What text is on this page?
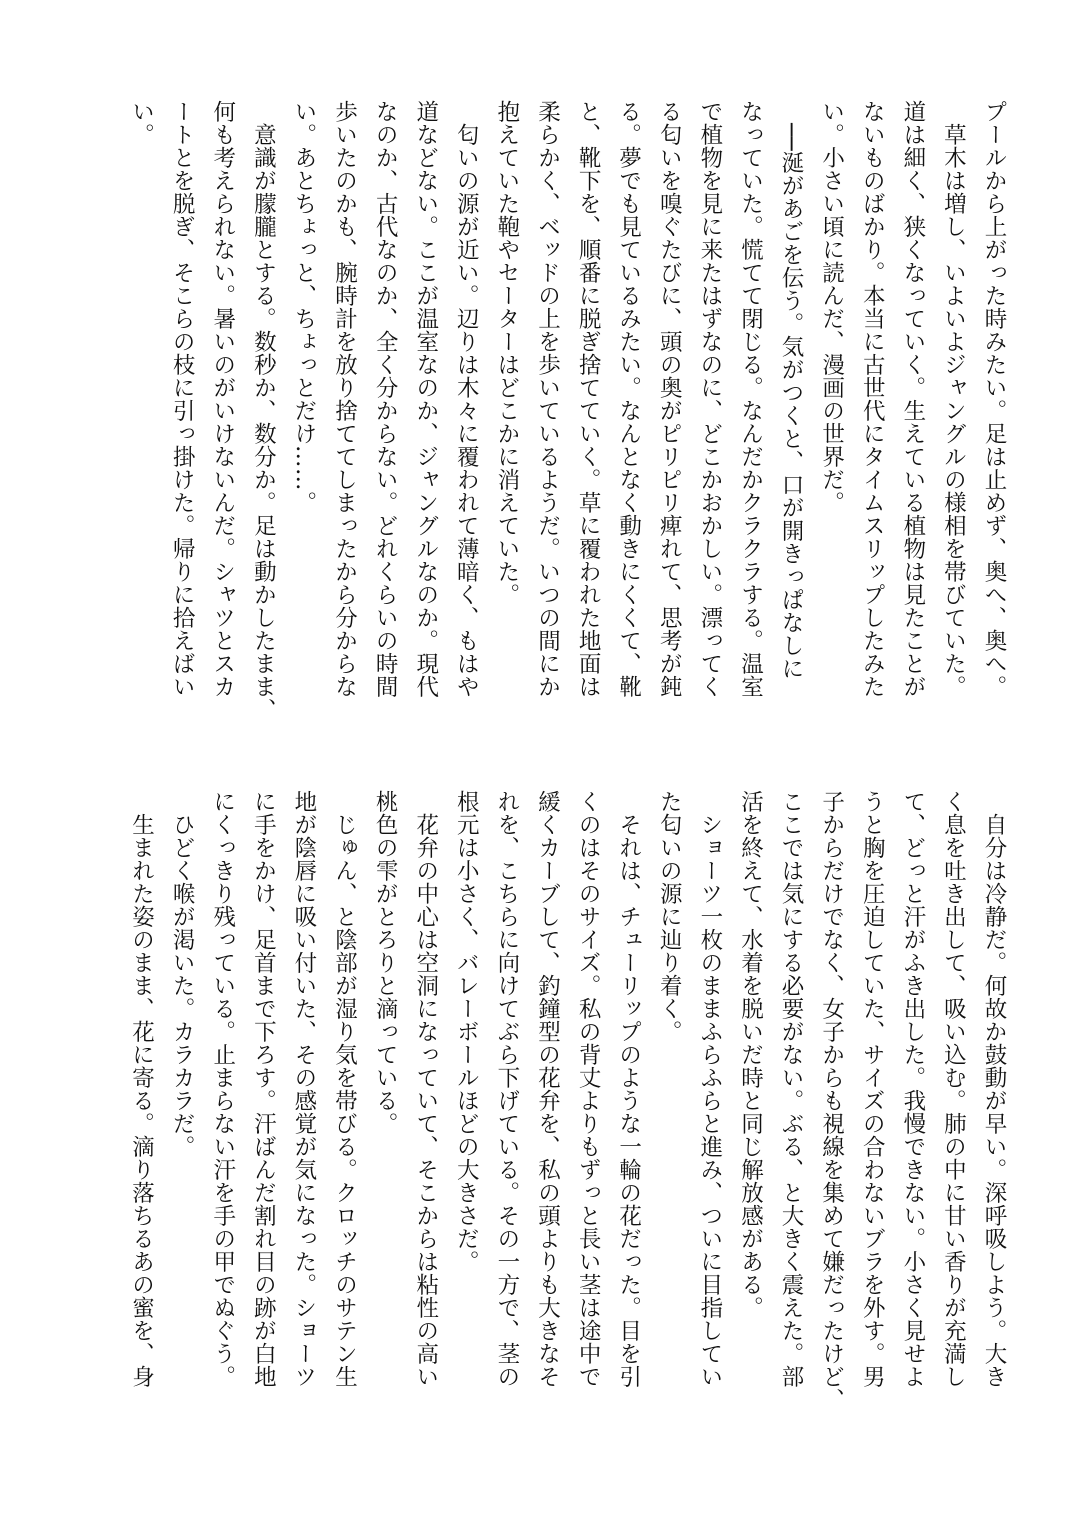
プールから上がった時みたい。足は止めず、奥へ、奥へ。
　草木は増し、いよいよジャングルの様相を帯びていた。
道は細く、狭くなっていく。生えている植物は見たことが
ないものばかり。本当に古世代にタイムスリップしたみた
い。小さい頃に読んだ、漫画の世界だ。
　──涎があごを伝う。気がつくと、口が開きっぱなしに
なっていた。慌てて閉じる。なんだかクラクラする。温室
で植物を見に来たはずなのに、どこかおかしい。漂ってく
る匂いを嗅ぐたびに、頭の奥がピリピリ痺れて、思考が鈍
る。夢でも見ているみたい。なんとなく動きにくくて、靴
と、靴下を、順番に脱ぎ捨てていく。草に覆われた地面は
柔らかく、ベッドの上を歩いているようだ。いつの間にか
抱えていた鞄やセーターはどこかに消えていた。
　匂いの源が近い。辺りは木々に覆われて薄暗く、もはや
道などない。ここが温室なのか、ジャングルなのか。現代
なのか、古代なのか、全く分からない。どれくらいの時間
歩いたのかも、腕時計を放り捨ててしまったから分からな
い。あとちょっと、ちょっとだけ……。
　意識が朦朧とする。数秒か、数分か。足は動かしたまま、
何も考えられない。暑いのがいけないんだ。シャツとスカ
ートとを脱ぎ、そこらの枝に引っ掛けた。帰りに拾えばい
い。
　自分は冷静だ。何故か鼓動が早い。深呼吸しよう。大き
く息を吐き出して、吸い込む。肺の中に甘い香りが充満し
て、どっと汗がふき出した。我慢できない。小さく見せよ
うと胸を圧迫していた、サイズの合わないブラを外す。男
子からだけでなく、女子からも視線を集めて嫌だったけど、
ここでは気にする必要がない。ぶる、と大きく震えた。部
活を終えて、水着を脱いだ時と同じ解放感がある。
　ショーツ一枚のままふらふらと進み、ついに目指してい
た匂いの源に辿り着く。
　それは、チューリップのような一輪の花だった。目を引
くのはそのサイズ。私の背丈よりもずっと長い茎は途中で
緩くカーブして、釣鐘型の花弁を、私の頭よりも大きなそ
れを、こちらに向けてぶら下げている。その一方で、茎の
根元は小さく、バレーボールほどの大きさだ。
　花弁の中心は空洞になっていて、そこからは粘性の高い
桃色の雫がとろりと滴っている。
　じゅん、と陰部が湿り気を帯びる。クロッチのサテン生
地が陰唇に吸い付いた、その感覚が気になった。ショーツ
に手をかけ、足首まで下ろす。汗ばんだ割れ目の跡が白地
にくっきり残っている。止まらない汗を手の甲でぬぐう。
　ひどく喉が渇いた。カラカラだ。
　生まれた姿のまま、花に寄る。滴り落ちるあの蜜を、身
